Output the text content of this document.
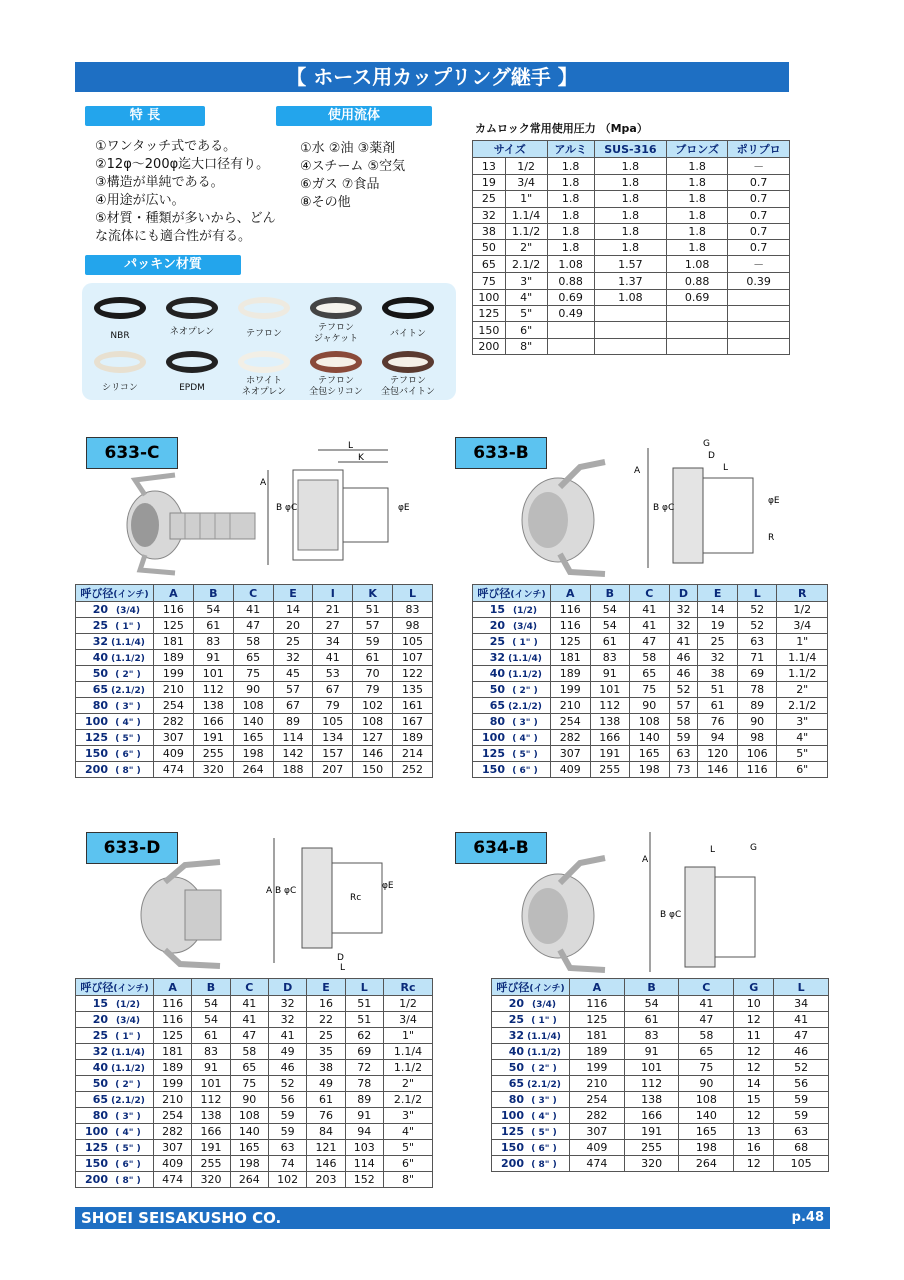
【 ホース用カップリング継手 】
特 長	使用流体
①ワンタッチ式である。
②12φ～200φ迄大口径有り。
③構造が単純である。
④用途が広い。
⑤材質・種類が多いから、どん
な流体にも適合性が有る。
①水 ②油 ③薬剤
④スチーム ⑤空気
⑥ガス ⑦食品
⑧その他
パッキン材質
NBR	ネオプレン	テフロン
テフロン
ジャケット	バイトン
シリコン	EPDM
ホワイト
ネオプレン
テフロン
全包シリコン
テフロン
全包バイトン
カムロック常用使用圧力 （Mpa）
サイズ		アルミ	SUS-316	ブロンズ	ポリプロ
13	1/2	1.8	1.8	1.8	－
19	3/4	1.8	1.8	1.8	0.7
25	1"	1.8	1.8	1.8	0.7
32	1.1/4	1.8	1.8	1.8	0.7
38	1.1/2	1.8	1.8	1.8	0.7
50	2"	1.8	1.8	1.8	0.7
65	2.1/2	1.08	1.57	1.08	－
75	3"	0.88	1.37	0.88	0.39
100	4"	0.69	1.08	0.69	
125	5"	0.49			
150	6"				
200	8"				
633-C
A
L
K
B φC	φE
呼び径(インチ)	A	B	C	E	I	K	L
20 (3/4)	116	54	41	14	21	51	83
25 ( 1" )	125	61	47	20	27	57	98
32 (1.1/4)	181	83	58	25	34	59	105
40 (1.1/2)	189	91	65	32	41	61	107
50 ( 2" )	199	101	75	45	53	70	122
65 (2.1/2)	210	112	90	57	67	79	135
80 ( 3" )	254	138	108	67	79	102	161
100 ( 4" )	282	166	140	89	105	108	167
125 ( 5" )	307	191	165	114	134	127	189
150 ( 6" )	409	255	198	142	157	146	214
200 ( 8" )	474	320	264	188	207	150	252
633-B
A
B φC
φE
G
D
L
R
呼び径(インチ)	A	B	C	D	E	L	R
15 (1/2)	116	54	41	32	14	52	1/2
20 (3/4)	116	54	41	32	19	52	3/4
25 ( 1" )	125	61	47	41	25	63	1"
32 (1.1/4)	181	83	58	46	32	71	1.1/4
40 (1.1/2)	189	91	65	46	38	69	1.1/2
50 ( 2" )	199	101	75	52	51	78	2"
65 (2.1/2)	210	112	90	57	61	89	2.1/2
80 ( 3" )	254	138	108	58	76	90	3"
100 ( 4" )	282	166	140	59	94	98	4"
125 ( 5" )	307	191	165	63	120	106	5"
150 ( 6" )	409	255	198	73	146	116	6"
633-D
A B φC	φE
Rc
D
L
呼び径(インチ)	A	B	C	D	E	L	Rc
15 (1/2)	116	54	41	32	16	51	1/2
20 (3/4)	116	54	41	32	22	51	3/4
25 ( 1" )	125	61	47	41	25	62	1"
32 (1.1/4)	181	83	58	49	35	69	1.1/4
40 (1.1/2)	189	91	65	46	38	72	1.1/2
50 ( 2" )	199	101	75	52	49	78	2"
65 (2.1/2)	210	112	90	56	61	89	2.1/2
80 ( 3" )	254	138	108	59	76	91	3"
100 ( 4" )	282	166	140	59	84	94	4"
125 ( 5" )	307	191	165	63	121	103	5"
150 ( 6" )	409	255	198	74	146	114	6"
200 ( 8" )	474	320	264	102	203	152	8"
634-B
A
B φC
L	G
呼び径(インチ)	A	B	C	G	L
20 (3/4)	116	54	41	10	34
25 ( 1" )	125	61	47	12	41
32 (1.1/4)	181	83	58	11	47
40 (1.1/2)	189	91	65	12	46
50 ( 2" )	199	101	75	12	52
65 (2.1/2)	210	112	90	14	56
80 ( 3" )	254	138	108	15	59
100 ( 4" )	282	166	140	12	59
125 ( 5" )	307	191	165	13	63
150 ( 6" )	409	255	198	16	68
200 ( 8" )	474	320	264	12	105
SHOEI SEISAKUSHO CO.	p.48
